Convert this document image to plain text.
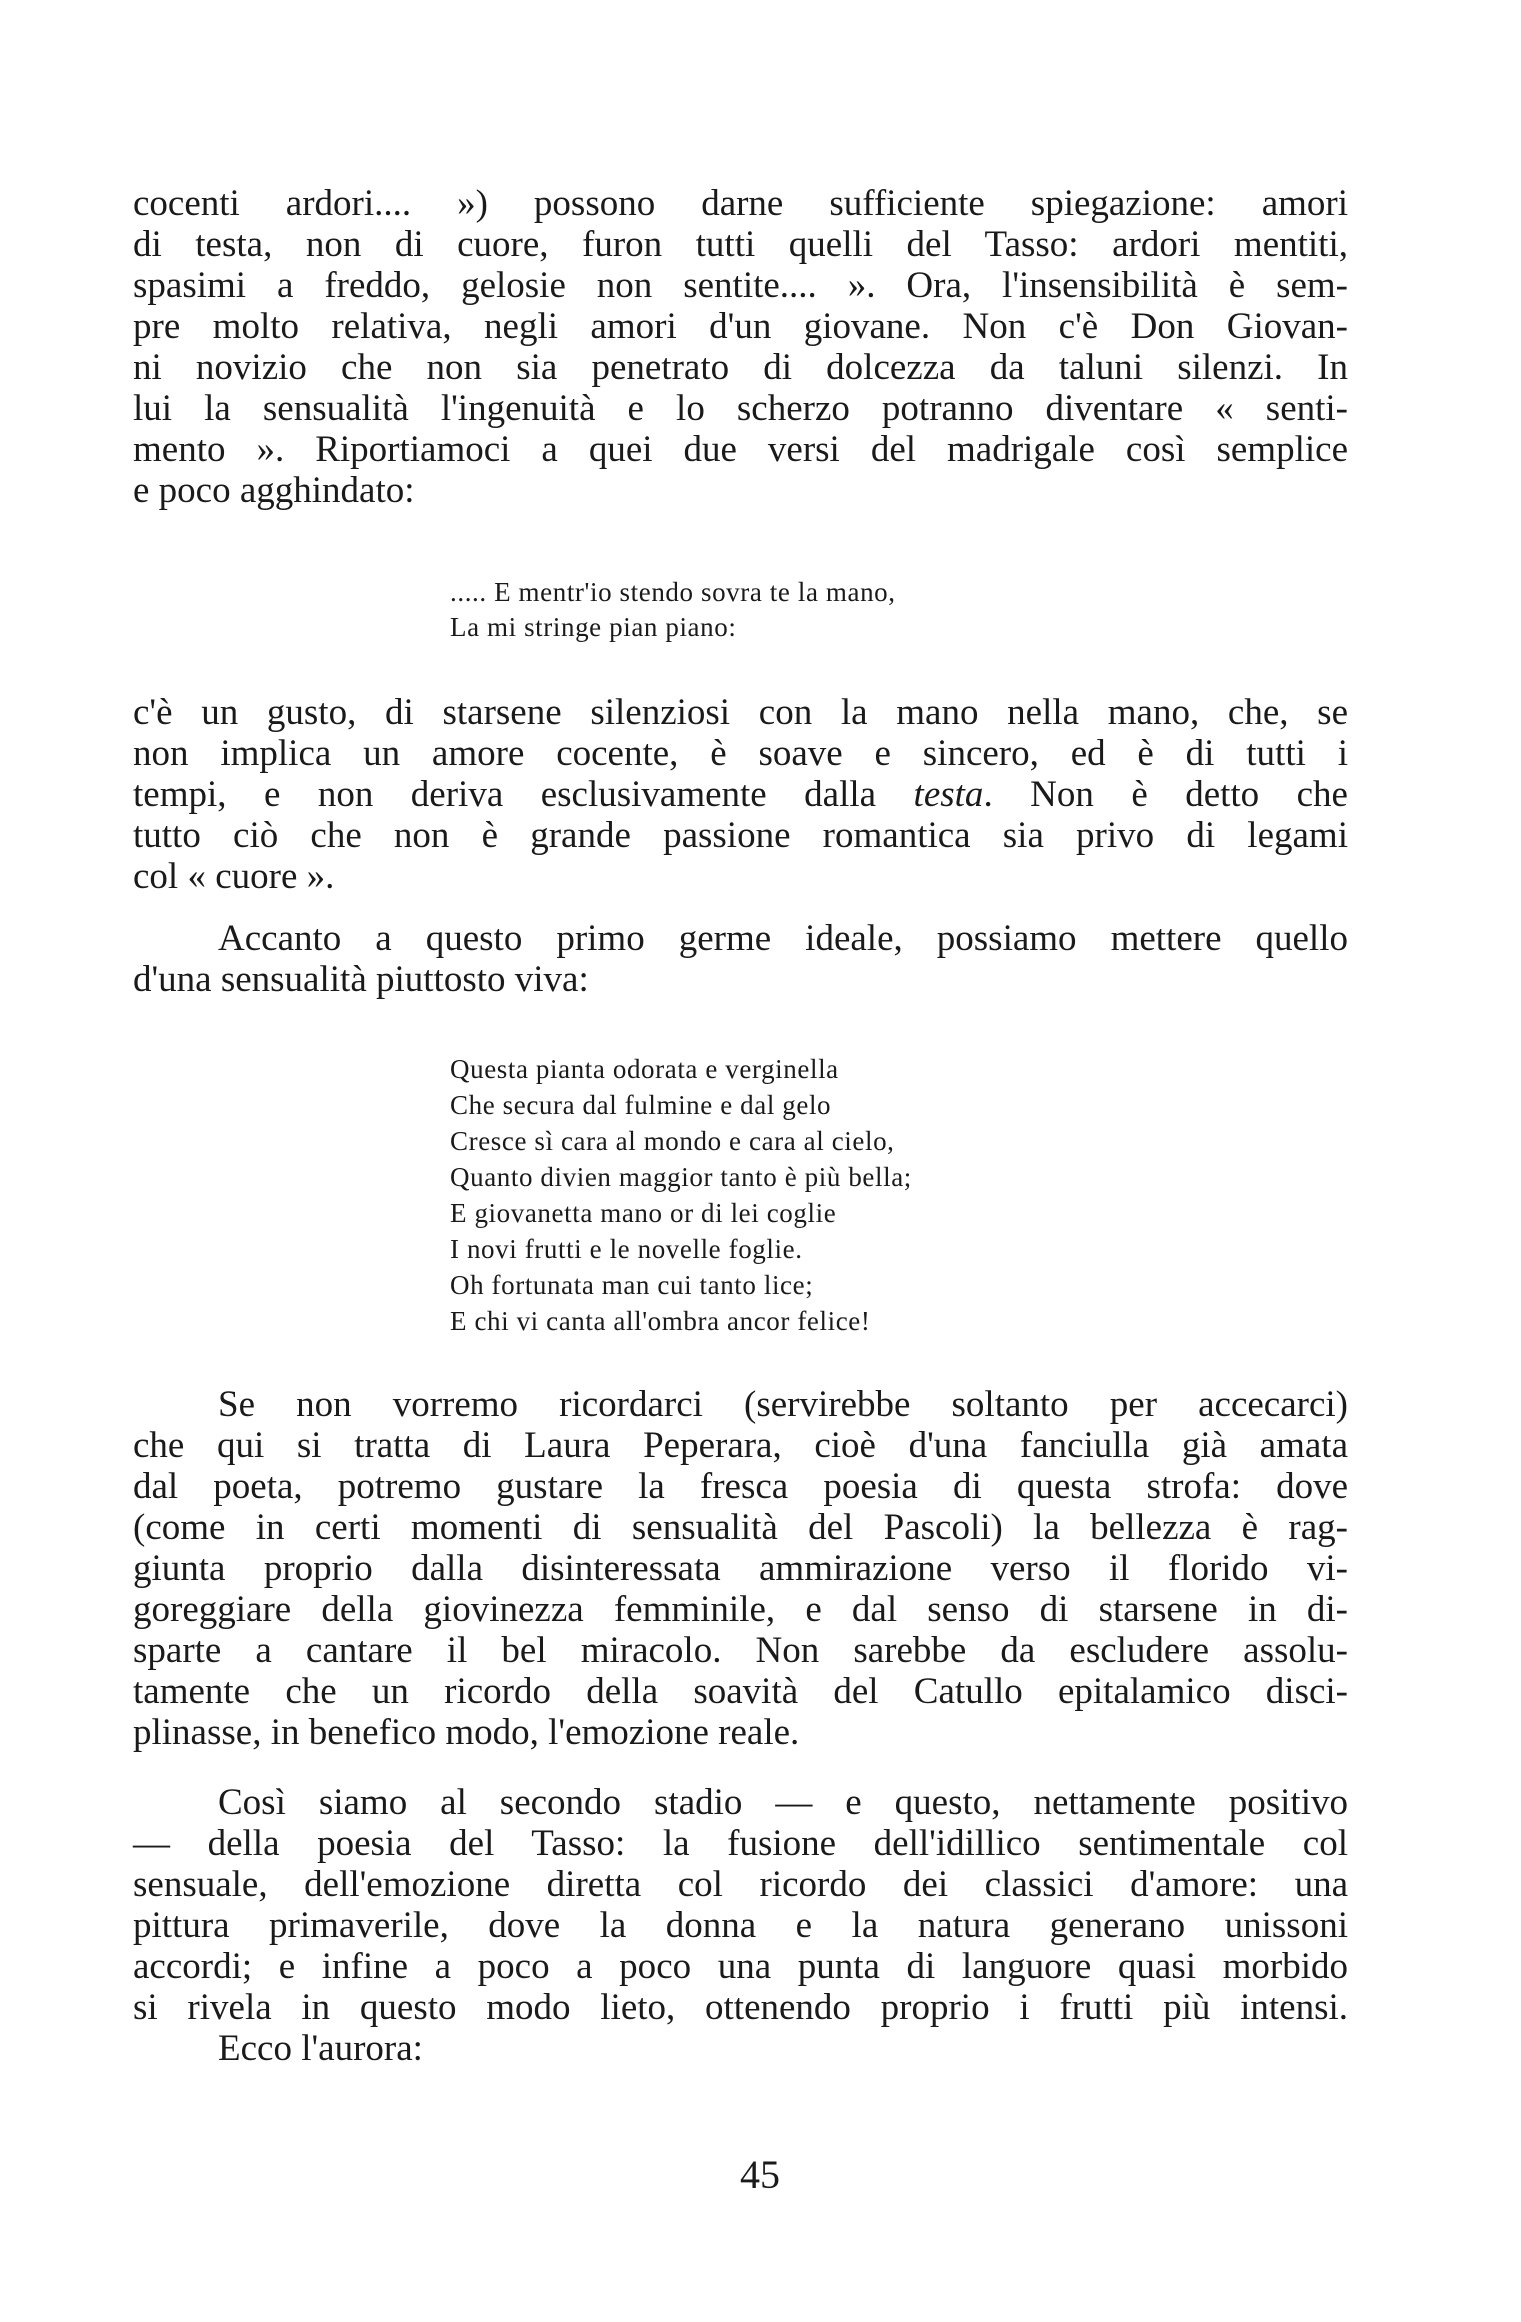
cocenti ardori.... ») possono darne sufficiente spiegazione: amori
di testa, non di cuore, furon tutti quelli del Tasso: ardori mentiti,
spasimi a freddo, gelosie non sentite.... ». Ora, l'insensibilità è sem-
pre molto relativa, negli amori d'un giovane. Non c'è Don Giovan-
ni novizio che non sia penetrato di dolcezza da taluni silenzi. In
lui la sensualità l'ingenuità e lo scherzo potranno diventare « senti-
mento ». Riportiamoci a quei due versi del madrigale così semplice
e poco agghindato:
..... E mentr'io stendo sovra te la mano,
La mi stringe pian piano:
c'è un gusto, di starsene silenziosi con la mano nella mano, che, se
non implica un amore cocente, è soave e sincero, ed è di tutti i
tempi, e non deriva esclusivamente dalla testa. Non è detto che
tutto ciò che non è grande passione romantica sia privo di legami
col « cuore ».
Accanto a questo primo germe ideale, possiamo mettere quello
d'una sensualità piuttosto viva:
Questa pianta odorata e verginella
Che secura dal fulmine e dal gelo
Cresce sì cara al mondo e cara al cielo,
Quanto divien maggior tanto è più bella;
E giovanetta mano or di lei coglie
I novi frutti e le novelle foglie.
Oh fortunata man cui tanto lice;
E chi vi canta all'ombra ancor felice!
Se non vorremo ricordarci (servirebbe soltanto per accecarci)
che qui si tratta di Laura Peperara, cioè d'una fanciulla già amata
dal poeta, potremo gustare la fresca poesia di questa strofa: dove
(come in certi momenti di sensualità del Pascoli) la bellezza è rag-
giunta proprio dalla disinteressata ammirazione verso il florido vi-
goreggiare della giovinezza femminile, e dal senso di starsene in di-
sparte a cantare il bel miracolo. Non sarebbe da escludere assolu-
tamente che un ricordo della soavità del Catullo epitalamico disci-
plinasse, in benefico modo, l'emozione reale.
Così siamo al secondo stadio — e questo, nettamente positivo
— della poesia del Tasso: la fusione dell'idillico sentimentale col
sensuale, dell'emozione diretta col ricordo dei classici d'amore: una
pittura primaverile, dove la donna e la natura generano unissoni
accordi; e infine a poco a poco una punta di languore quasi morbido
si rivela in questo modo lieto, ottenendo proprio i frutti più intensi.
Ecco l'aurora:
45
